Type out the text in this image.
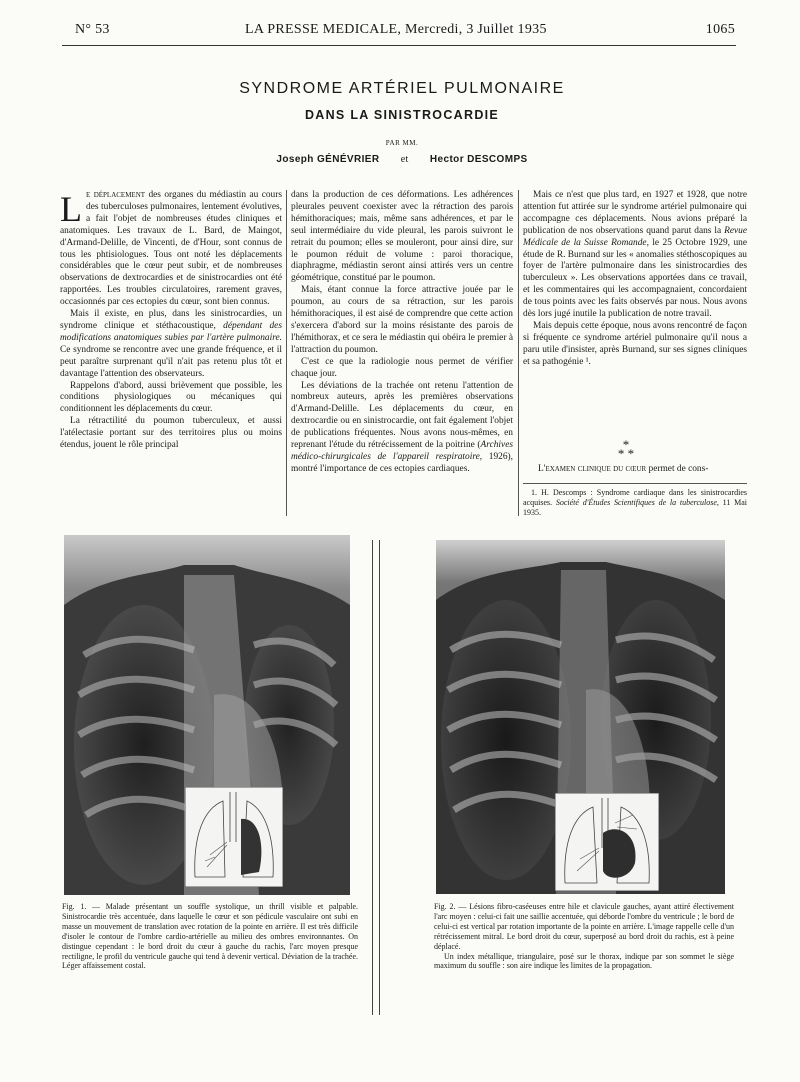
N° 53	LA PRESSE MEDICALE, Mercredi, 3 Juillet 1935	1065
SYNDROME ARTÉRIEL PULMONAIRE
DANS LA SINISTROCARDIE
PAR MM.
Joseph GÉNÉVRIER et Hector DESCOMPS

Le déplacement des organes du médiastin au cours des tuberculoses pulmonaires, lentement évolutives, a fait l'objet de nombreuses études cliniques et anatomiques. Les travaux de L. Bard, de Maingot, d'Armand-Delille, de Vincenti, de d'Hour, sont connus de tous les phtisiologues. Tous ont noté les déplacements considérables que le cœur peut subir, et de nombreuses observations de dextrocardies et de sinistrocardies ont été rapportées. Les troubles circulatoires, rarement graves, occasionnés par ces ectopies du cœur, sont bien connus.

Mais il existe, en plus, dans les sinistrocardies, un syndrome clinique et stéthacoustique, dépendant des modifications anatomiques subies par l'artère pulmonaire. Ce syndrome se rencontre avec une grande fréquence, et il peut paraître surprenant qu'il n'ait pas retenu plus tôt et davantage l'attention des observateurs.

Rappelons d'abord, aussi brièvement que possible, les conditions physiologiques ou mécaniques qui conditionnent les déplacements du cœur.

La rétractilité du poumon tuberculeux, et aussi l'atélectasie portant sur des territoires plus ou moins étendus, jouent le rôle principal

dans la production de ces déformations. Les adhérences pleurales peuvent coexister avec la rétraction des parois hémithoraciques; mais, même sans adhérences, et par le seul intermédiaire du vide pleural, les parois suivront le retrait du poumon; elles se mouleront, pour ainsi dire, sur le poumon réduit de volume : paroi thoracique, diaphragme, médiastin seront ainsi attirés vers un centre géométrique, constitué par le poumon.

Mais, étant connue la force attractive jouée par le poumon, au cours de sa rétraction, sur les parois hémithoraciques, il est aisé de comprendre que cette action s'exercera d'abord sur la moins résistante des parois de l'hémithorax, et ce sera le médiastin qui obéira le premier à l'attraction du poumon.

C'est ce que la radiologie nous permet de vérifier chaque jour.

Les déviations de la trachée ont retenu l'attention de nombreux auteurs, après les premières observations d'Armand-Delille. Les déplacements du cœur, en dextrocardie ou en sinistrocardie, ont fait également l'objet de publications fréquentes. Nous avons nous-mêmes, en reprenant l'étude du rétrécissement de la poitrine (Archives médico-chirurgicales de l'appareil respiratoire, 1926), montré l'importance de ces ectopies cardiaques.

Mais ce n'est que plus tard, en 1927 et 1928, que notre attention fut attirée sur le syndrome artériel pulmonaire qui accompagne ces déplacements. Nous avions préparé la publication de nos observations quand parut dans la Revue Médicale de la Suisse Romande, le 25 Octobre 1929, une étude de R. Burnand sur les « anomalies stéthoscopiques au foyer de l'artère pulmonaire dans les sinistrocardies des tuberculeux ». Les observations apportées dans ce travail, et les commentaires qui les accompagnaient, concordaient de tous points avec les faits observés par nous. Nous avons dès lors jugé inutile la publication de notre travail.

Mais depuis cette époque, nous avons rencontré de façon si fréquente ce syndrome artériel pulmonaire qu'il nous a paru utile d'insister, après Burnand, sur ses signes cliniques et sa pathogénie ¹.

*
* *
L'examen clinique du cœur permet de cons-
1. H. Descomps : Syndrome cardiaque dans les sinistrocardies acquises. Société d'Études Scientifiques de la tuberculose, 11 Mai 1935.

Fig. 1. — Malade présentant un souffle systolique, un thrill visible et palpable. Sinistrocardie très accentuée, dans laquelle le cœur et son pédicule vasculaire ont subi en masse un mouvement de translation avec rotation de la pointe en arrière. Il est très difficile d'isoler le contour de l'ombre cardio-artérielle au milieu des ombres environnantes. On distingue cependant : le bord droit du cœur à gauche du rachis, l'arc moyen presque rectiligne, le profil du ventricule gauche qui tend à devenir vertical. Déviation de la trachée. Léger affaissement costal.

Fig. 2. — Lésions fibro-caséeuses entre hile et clavicule gauches, ayant attiré électivement l'arc moyen : celui-ci fait une saillie accentuée, qui déborde l'ombre du ventricule ; le bord de celui-ci est vertical par rotation importante de la pointe en arrière. L'image rappelle celle d'un rétrécissement mitral. Le bord droit du cœur, superposé au bord droit du rachis, est à peine déplacé.

Un index métallique, triangulaire, posé sur le thorax, indique par son sommet le siège maximum du souffle : son aire indique les limites de la propagation.
